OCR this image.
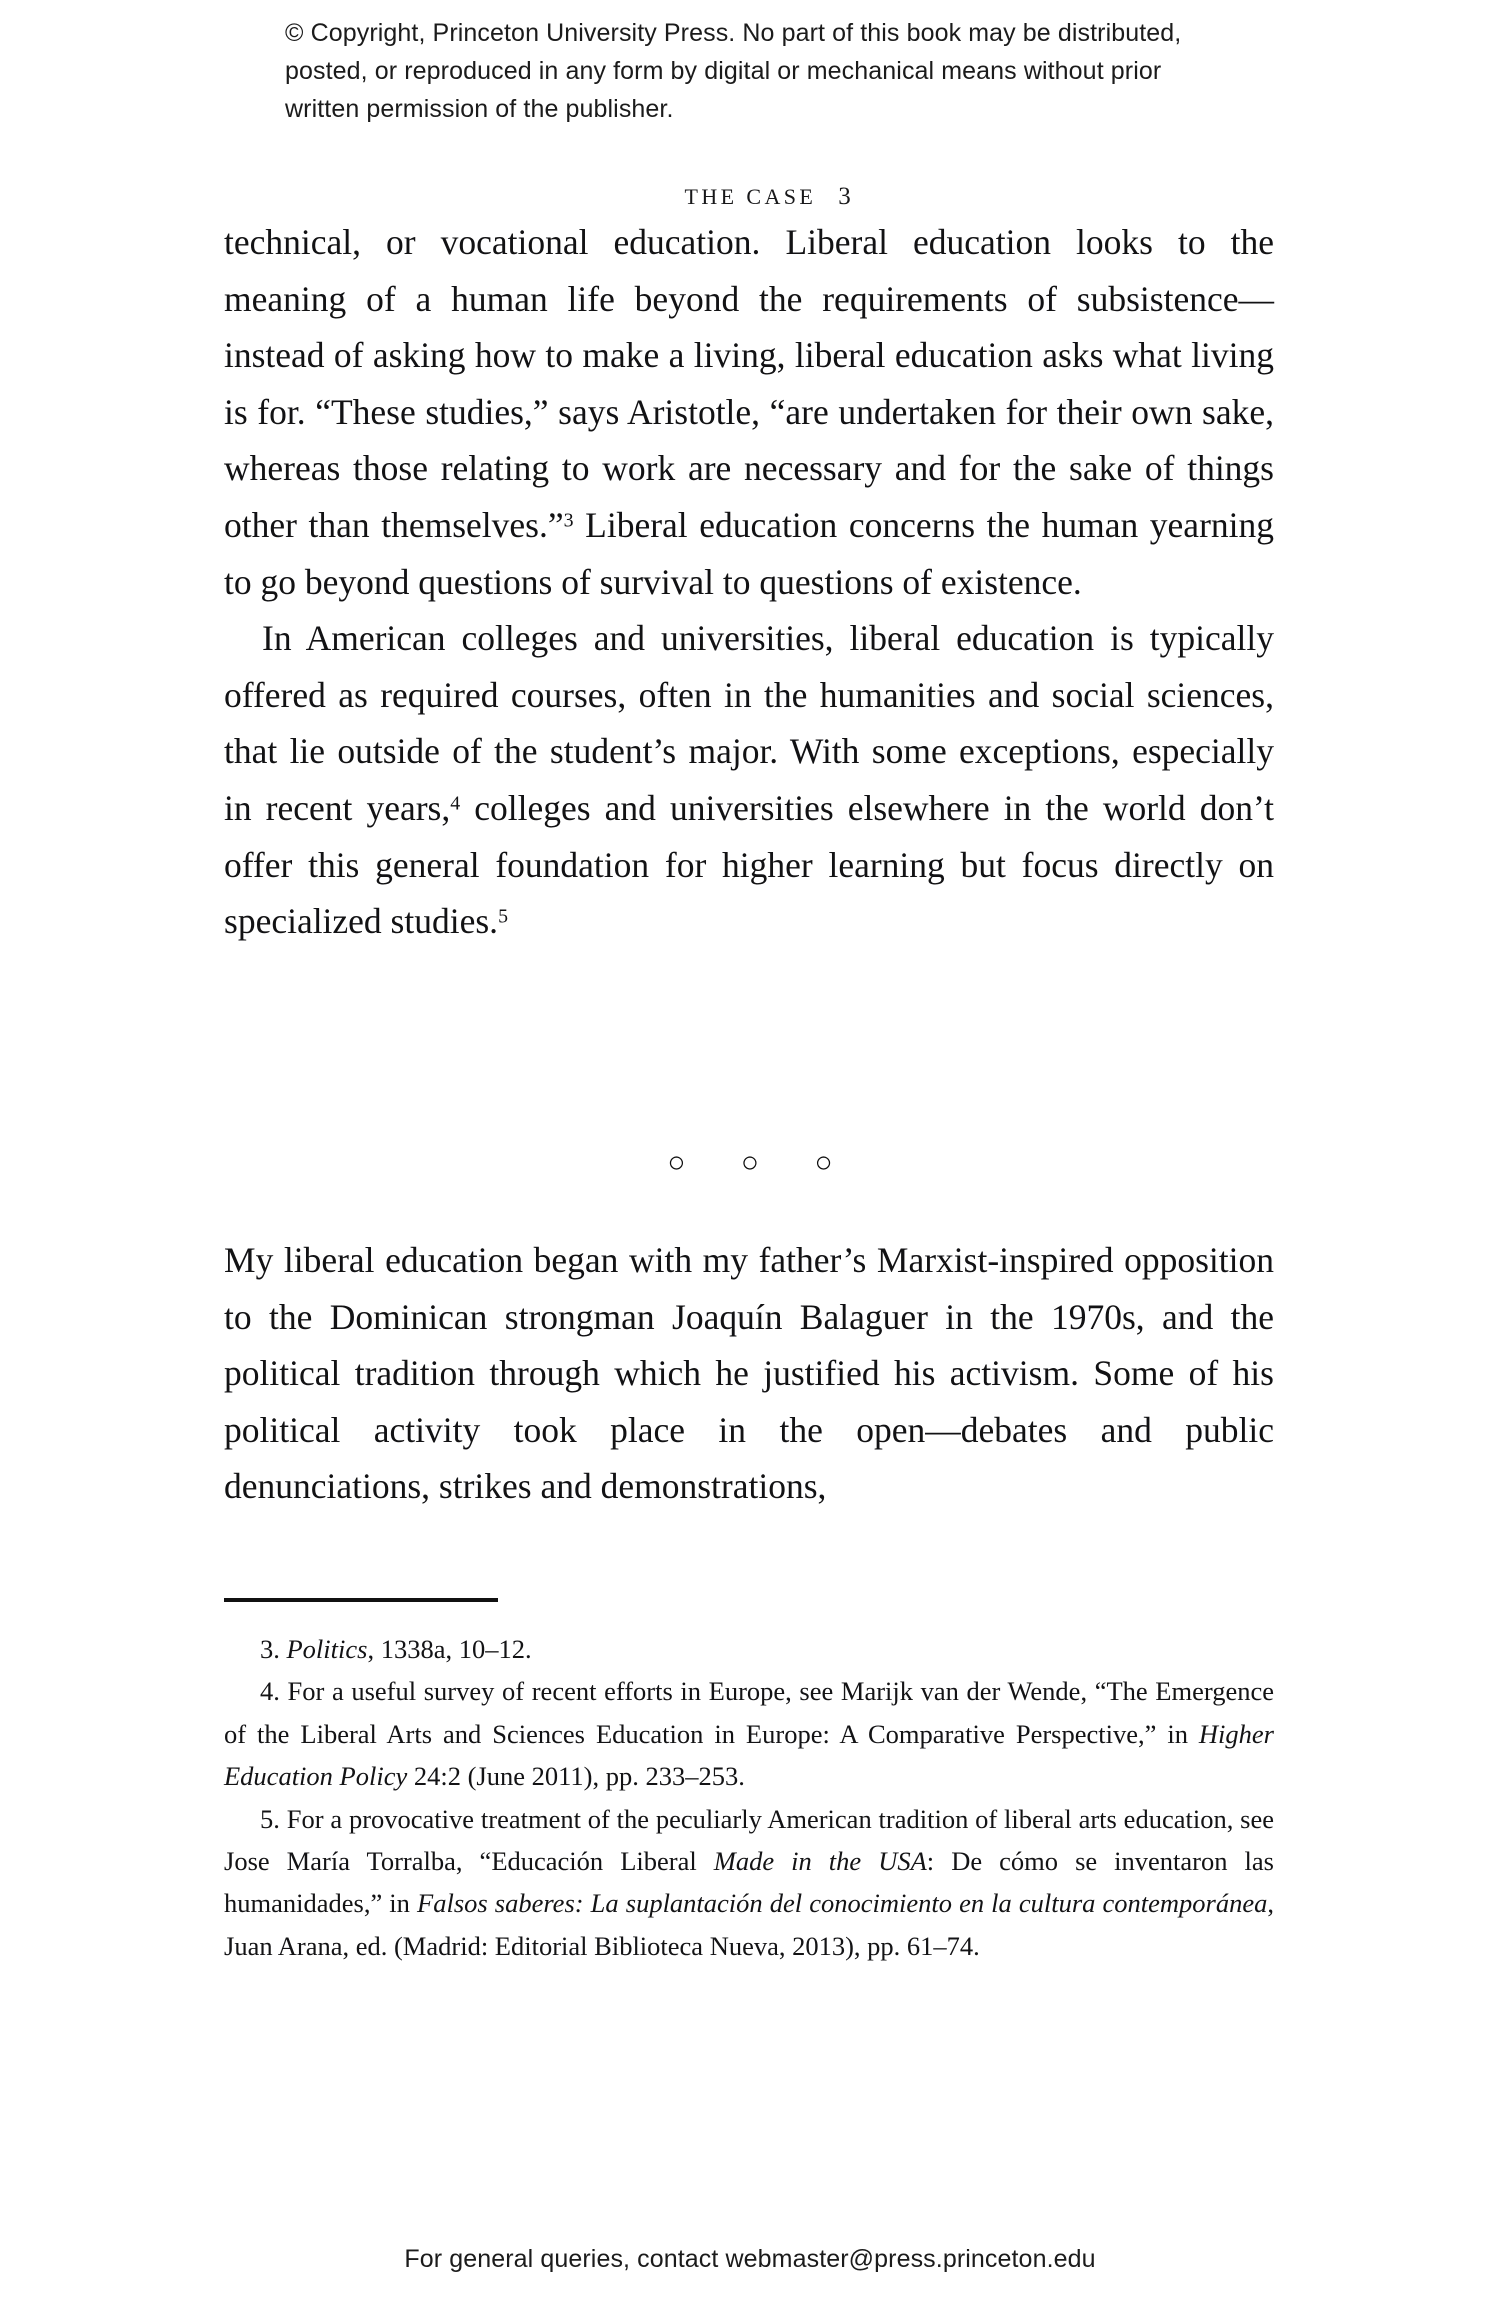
© Copyright, Princeton University Press. No part of this book may be distributed, posted, or reproduced in any form by digital or mechanical means without prior written permission of the publisher.

THE CASE 3

technical, or vocational education. Liberal education looks to the meaning of a human life beyond the requirements of subsistence—instead of asking how to make a living, liberal education asks what living is for. “These studies,” says Aristotle, “are undertaken for their own sake, whereas those relating to work are necessary and for the sake of things other than themselves.”$^3$ Liberal education concerns the human yearning to go beyond questions of survival to questions of existence.

In American colleges and universities, liberal education is typically offered as required courses, often in the humanities and social sciences, that lie outside of the student’s major. With some exceptions, especially in recent years,$^4$ colleges and universities elsewhere in the world don’t offer this general foundation for higher learning but focus directly on specialized studies.$^5$

○ ○ ○

My liberal education began with my father’s Marxist-inspired opposition to the Dominican strongman Joaquín Balaguer in the 1970s, and the political tradition through which he justified his activism. Some of his political activity took place in the open—debates and public denunciations, strikes and demonstrations,

3. Politics, 1338a, 10–12.

4. For a useful survey of recent efforts in Europe, see Marijk van der Wende, “The Emergence of the Liberal Arts and Sciences Education in Europe: A Comparative Perspective,” in Higher Education Policy 24:2 (June 2011), pp. 233–253.

5. For a provocative treatment of the peculiarly American tradition of liberal arts education, see Jose María Torralba, “Educación Liberal Made in the USA: De cómo se inventaron las humanidades,” in Falsos saberes: La suplantación del conocimiento en la cultura contemporánea, Juan Arana, ed. (Madrid: Editorial Biblioteca Nueva, 2013), pp. 61–74.

For general queries, contact webmaster@press.princeton.edu
